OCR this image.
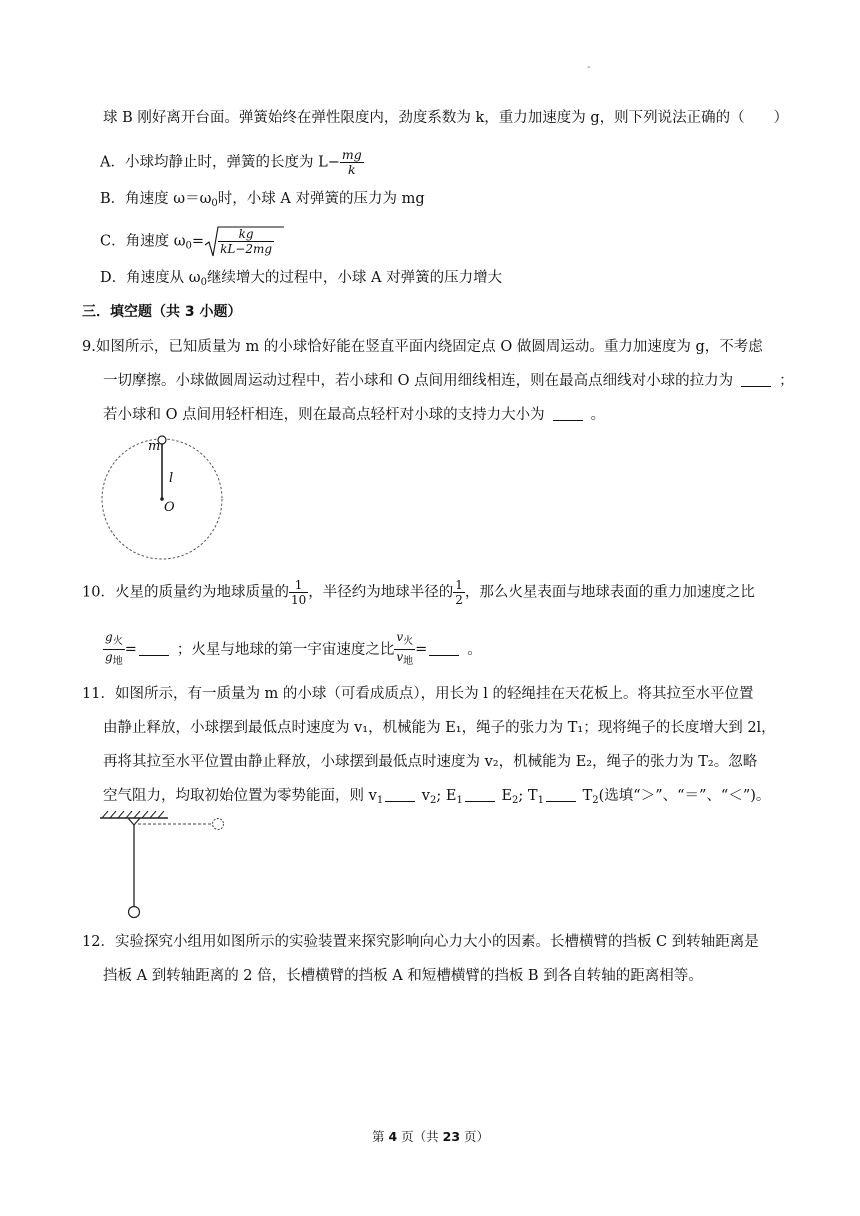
-
球 B 刚好离开台面。弹簧始终在弹性限度内，劲度系数为 k，重力加速度为 g，则下列说法正确的（　　）
A．小球均静止时，弹簧的长度为 $L- \frac{mg}{k}$
B．角速度 $\omega=\omega_0$时，小球 A 对弹簧的压力为 mg
C．角速度 $\omega_0= \frac{kg}{kL-2mg}$
D．角速度从 $\omega_0$继续增大的过程中，小球 A 对弹簧的压力增大
三．填空题（共 3 小题）
9.如图所示，已知质量为 m 的小球恰好能在竖直平面内绕固定点 O 做圆周运动。重力加速度为 g，不考虑
一切摩擦。小球做圆周运动过程中，若小球和 O 点间用细线相连，则在最高点细线对小球的拉力为	；
若小球和 O 点间用轻杆相连，则在最高点轻杆对小球的支持力大小为	。
m
l
O
10．火星的质量约为地球质量的 $\frac{1}{10}$ ，半径约为地球半径的 $\frac{1}{2}$ ，那么火星表面与地球表面的重力加速度之比
$\frac{g_火}{g_地}$ =	；火星与地球的第一宇宙速度之比 $\frac{v_火}{v_地}$ =	。
11．如图所示，有一质量为 m 的小球（可看成质点），用长为 l 的轻绳挂在天花板上。将其拉至水平位置
由静止释放，小球摆到最低点时速度为 v₁，机械能为 E₁，绳子的张力为 T₁；现将绳子的长度增大到 2l，
再将其拉至水平位置由静止释放，小球摆到最低点时速度为 v₂，机械能为 E₂，绳子的张力为 T₂。忽略
空气阻力，均取初始位置为零势能面，则 $v_1$	$v_2$; $E_1$	$E_2$; $T_1$	$T_2$(选填“＞”、“＝”、“＜”)。
12．实验探究小组用如图所示的实验装置来探究影响向心力大小的因素。长槽横臂的挡板 C 到转轴距离是
挡板 A 到转轴距离的 2 倍，长槽横臂的挡板 A 和短槽横臂的挡板 B 到各自转轴的距离相等。
第 4 页（共 23 页）
